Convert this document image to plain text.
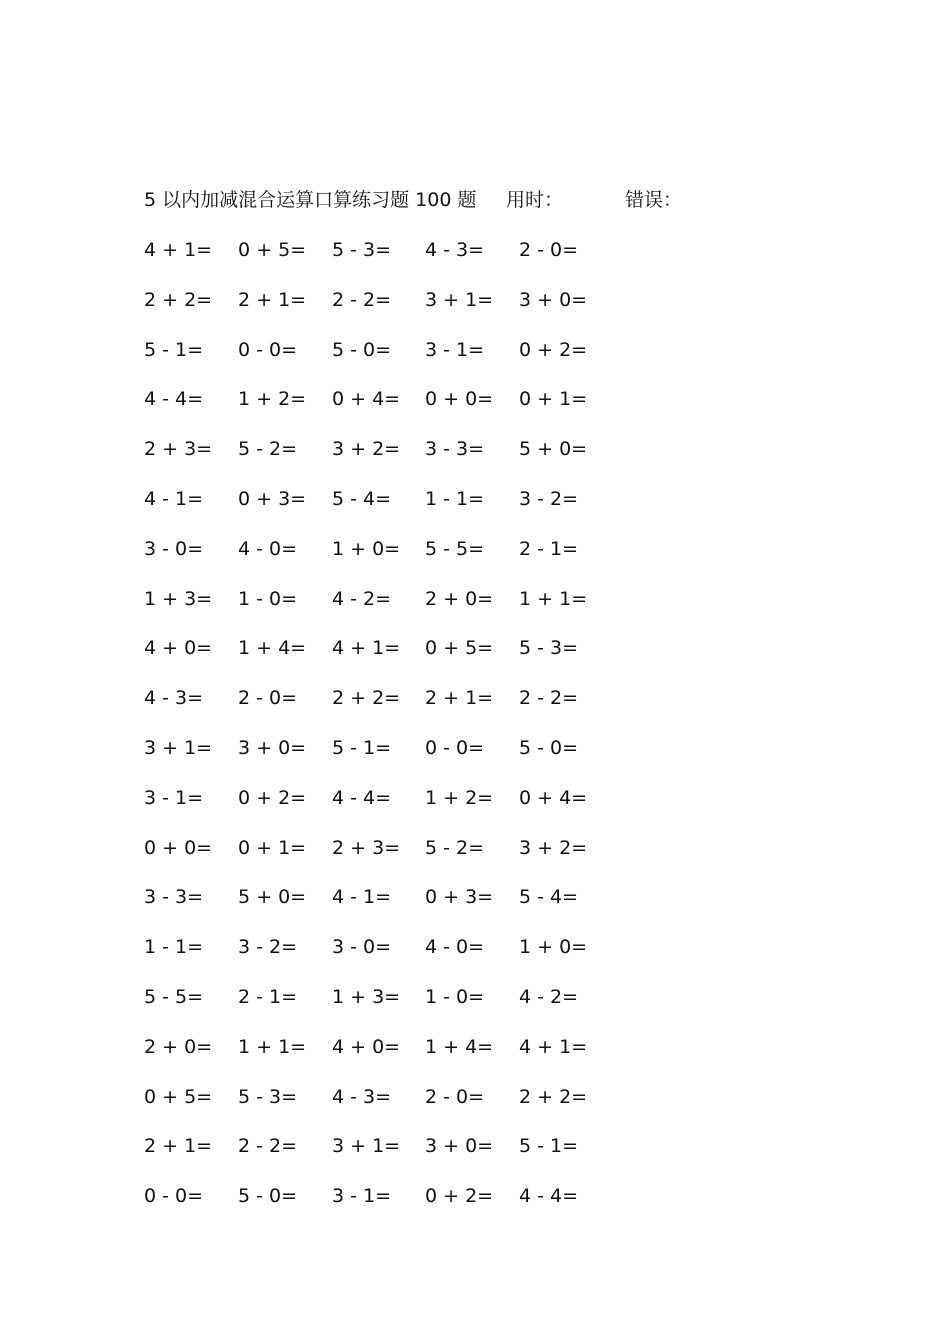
5 以内加减混合运算口算练习题 100 题 用时：	错误：
4 + 1= 0 + 5= 5 - 3= 4 - 3= 2 - 0=
2 + 2= 2 + 1= 2 - 2= 3 + 1= 3 + 0=
5 - 1= 0 - 0= 5 - 0= 3 - 1= 0 + 2=
4 - 4= 1 + 2= 0 + 4= 0 + 0= 0 + 1=
2 + 3= 5 - 2= 3 + 2= 3 - 3= 5 + 0=
4 - 1= 0 + 3= 5 - 4= 1 - 1= 3 - 2=
3 - 0= 4 - 0= 1 + 0= 5 - 5= 2 - 1=
1 + 3= 1 - 0= 4 - 2= 2 + 0= 1 + 1=
4 + 0= 1 + 4= 4 + 1= 0 + 5= 5 - 3=
4 - 3= 2 - 0= 2 + 2= 2 + 1= 2 - 2=
3 + 1= 3 + 0= 5 - 1= 0 - 0= 5 - 0=
3 - 1= 0 + 2= 4 - 4= 1 + 2= 0 + 4=
0 + 0= 0 + 1= 2 + 3= 5 - 2= 3 + 2=
3 - 3= 5 + 0= 4 - 1= 0 + 3= 5 - 4=
1 - 1= 3 - 2= 3 - 0= 4 - 0= 1 + 0=
5 - 5= 2 - 1= 1 + 3= 1 - 0= 4 - 2=
2 + 0= 1 + 1= 4 + 0= 1 + 4= 4 + 1=
0 + 5= 5 - 3= 4 - 3= 2 - 0= 2 + 2=
2 + 1= 2 - 2= 3 + 1= 3 + 0= 5 - 1=
0 - 0= 5 - 0= 3 - 1= 0 + 2= 4 - 4=
